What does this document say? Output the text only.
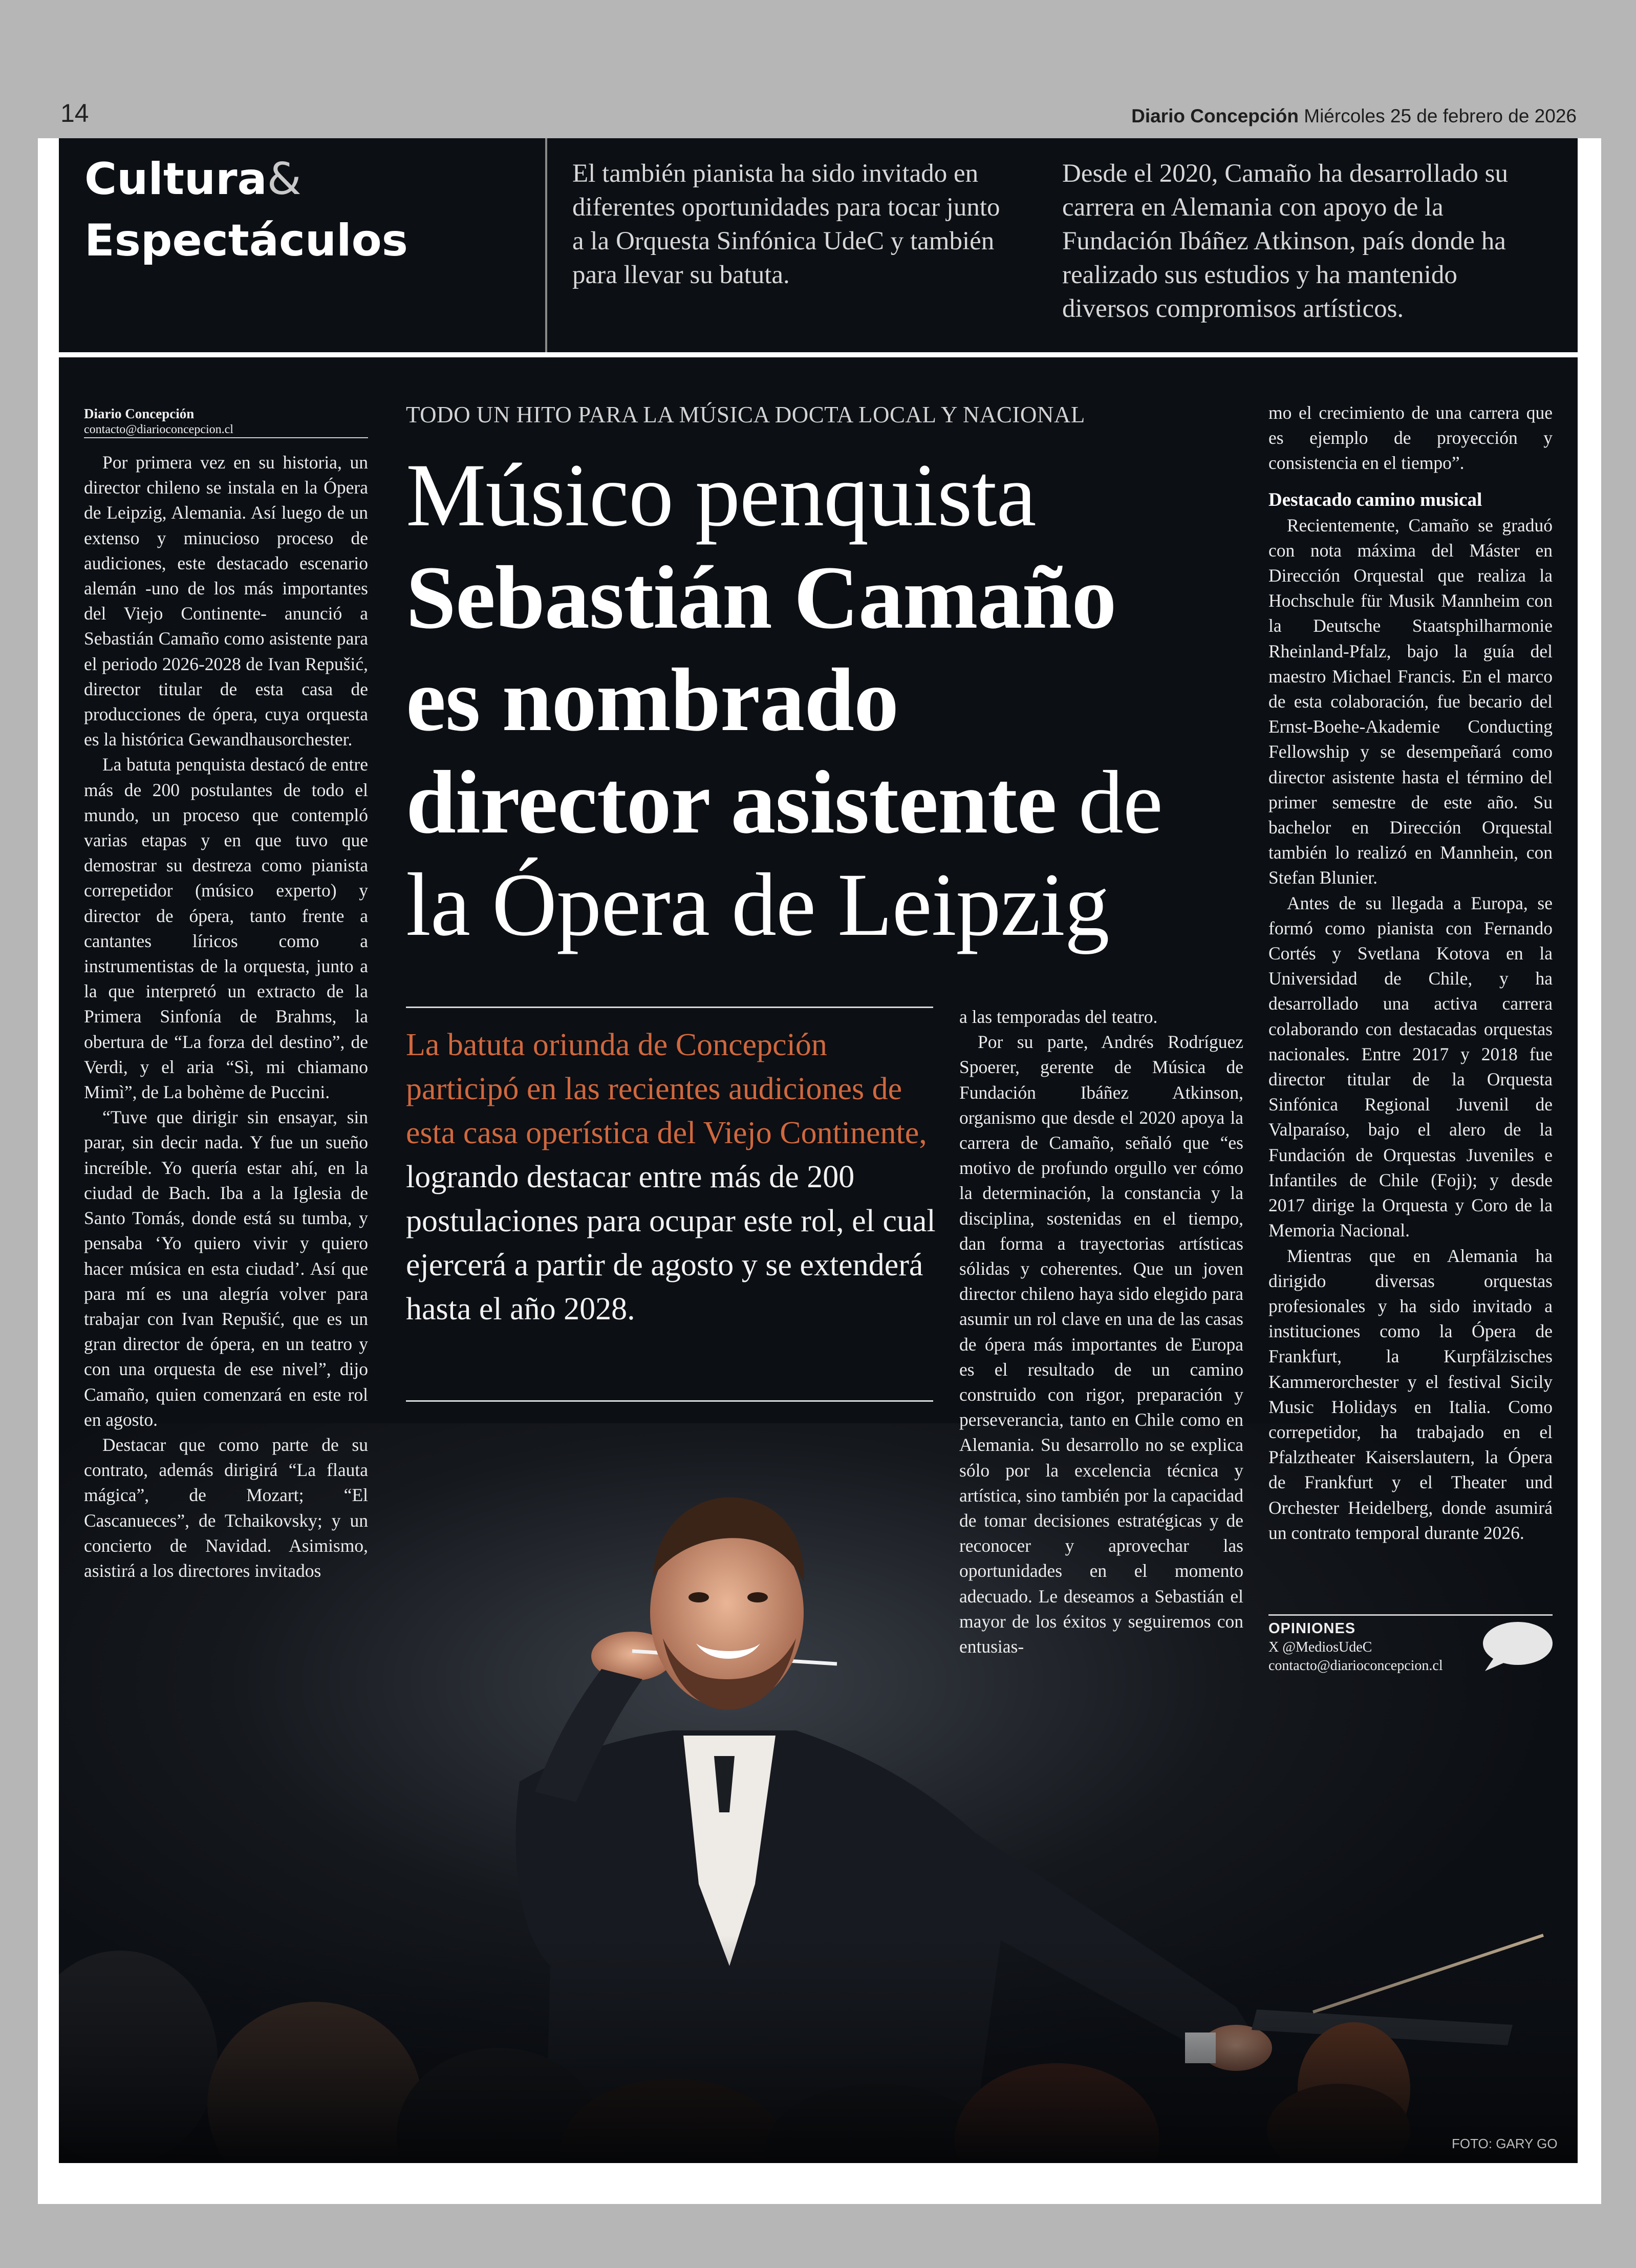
14	Diario Concepción Miércoles 25 de febrero de 2026
Cultura&
Espectáculos
El también pianista ha sido invitado en diferentes oportunidades para tocar junto a la Orquesta Sinfónica UdeC y también para llevar su batuta.
Desde el 2020, Camaño ha desarrollado su carrera en Alemania con apoyo de la Fundación Ibáñez Atkinson, país donde ha realizado sus estudios y ha mantenido diversos compromisos artísticos.
Diario Concepción
contacto@diarioconcepcion.cl

Por primera vez en su historia, un director chileno se instala en la Ópera de Leipzig, Alemania. Así luego de un extenso y minucioso proceso de audiciones, este destacado escenario alemán -uno de los más importantes del Viejo Continente- anunció a Sebastián Camaño como asistente para el periodo 2026-2028 de Ivan Repušić, director titular de esta casa de producciones de ópera, cuya orquesta es la histórica Gewandhausorchester.

La batuta penquista destacó de entre más de 200 postulantes de todo el mundo, un proceso que contempló varias etapas y en que tuvo que demostrar su destreza como pianista correpetidor (músico experto) y director de ópera, tanto frente a cantantes líricos como a instrumentistas de la orquesta, junto a la que interpretó un extracto de la Primera Sinfonía de Brahms, la obertura de “La forza del destino”, de Verdi, y el aria “Sì, mi chiamano Mimì”, de La bohème de Puccini.

“Tuve que dirigir sin ensayar, sin parar, sin decir nada. Y fue un sueño increíble. Yo quería estar ahí, en la ciudad de Bach. Iba a la Iglesia de Santo Tomás, donde está su tumba, y pensaba ‘Yo quiero vivir y quiero hacer música en esta ciudad’. Así que para mí es una alegría volver para trabajar con Ivan Repušić, que es un gran director de ópera, en un teatro y con una orquesta de ese nivel”, dijo Camaño, quien comenzará en este rol en agosto.

Destacar que como parte de su contrato, además dirigirá “La flauta mágica”, de Mozart; “El Cascanueces”, de Tchaikovsky; y un concierto de Navidad. Asimismo, asistirá a los directores invitados

TODO UN HITO PARA LA MÚSICA DOCTA LOCAL Y NACIONAL
Músico penquista
Sebastián Camaño
es nombrado
director asistente de
la Ópera de Leipzig
La batuta oriunda de Concepción participó en las recientes audiciones de esta casa operística del Viejo Continente, logrando destacar entre más de 200 postulaciones para ocupar este rol, el cual ejercerá a partir de agosto y se extenderá hasta el año 2028.

a las temporadas del teatro.

Por su parte, Andrés Rodríguez Spoerer, gerente de Música de Fundación Ibáñez Atkinson, organismo que desde el 2020 apoya la carrera de Camaño, señaló que “es motivo de profundo orgullo ver cómo la determinación, la constancia y la disciplina, sostenidas en el tiempo, dan forma a trayectorias artísticas sólidas y coherentes. Que un joven director chileno haya sido elegido para asumir un rol clave en una de las casas de ópera más importantes de Europa es el resultado de un camino construido con rigor, preparación y perseverancia, tanto en Chile como en Alemania. Su desarrollo no se explica sólo por la excelencia técnica y artística, sino también por la capacidad de tomar decisiones estratégicas y de reconocer y aprovechar las oportunidades en el momento adecuado. Le deseamos a Sebastián el mayor de los éxitos y seguiremos con entusias-

mo el crecimiento de una carrera que es ejemplo de proyección y consistencia en el tiempo”.

Destacado camino musical

Recientemente, Camaño se graduó con nota máxima del Máster en Dirección Orquestal que realiza la Hochschule für Musik Mannheim con la Deutsche Staatsphilharmonie Rheinland-Pfalz, bajo la guía del maestro Michael Francis. En el marco de esta colaboración, fue becario del Ernst-Boehe-Akademie Conducting Fellowship y se desempeñará como director asistente hasta el término del primer semestre de este año. Su bachelor en Dirección Orquestal también lo realizó en Mannhein, con Stefan Blunier.

Antes de su llegada a Europa, se formó como pianista con Fernando Cortés y Svetlana Kotova en la Universidad de Chile, y ha desarrollado una activa carrera colaborando con destacadas orquestas nacionales. Entre 2017 y 2018 fue director titular de la Orquesta Sinfónica Regional Juvenil de Valparaíso, bajo el alero de la Fundación de Orquestas Juveniles e Infantiles de Chile (Foji); y desde 2017 dirige la Orquesta y Coro de la Memoria Nacional.

Mientras que en Alemania ha dirigido diversas orquestas profesionales y ha sido invitado a instituciones como la Ópera de Frankfurt, la Kurpfälzisches Kammerorchester y el festival Sicily Music Holidays en Italia. Como correpetidor, ha trabajado en el Pfalztheater Kaiserslautern, la Ópera de Frankfurt y el Theater und Orchester Heidelberg, donde asumirá un contrato temporal durante 2026.

OPINIONES
X @MediosUdeC
contacto@diarioconcepcion.cl
FOTO: GARY GO
